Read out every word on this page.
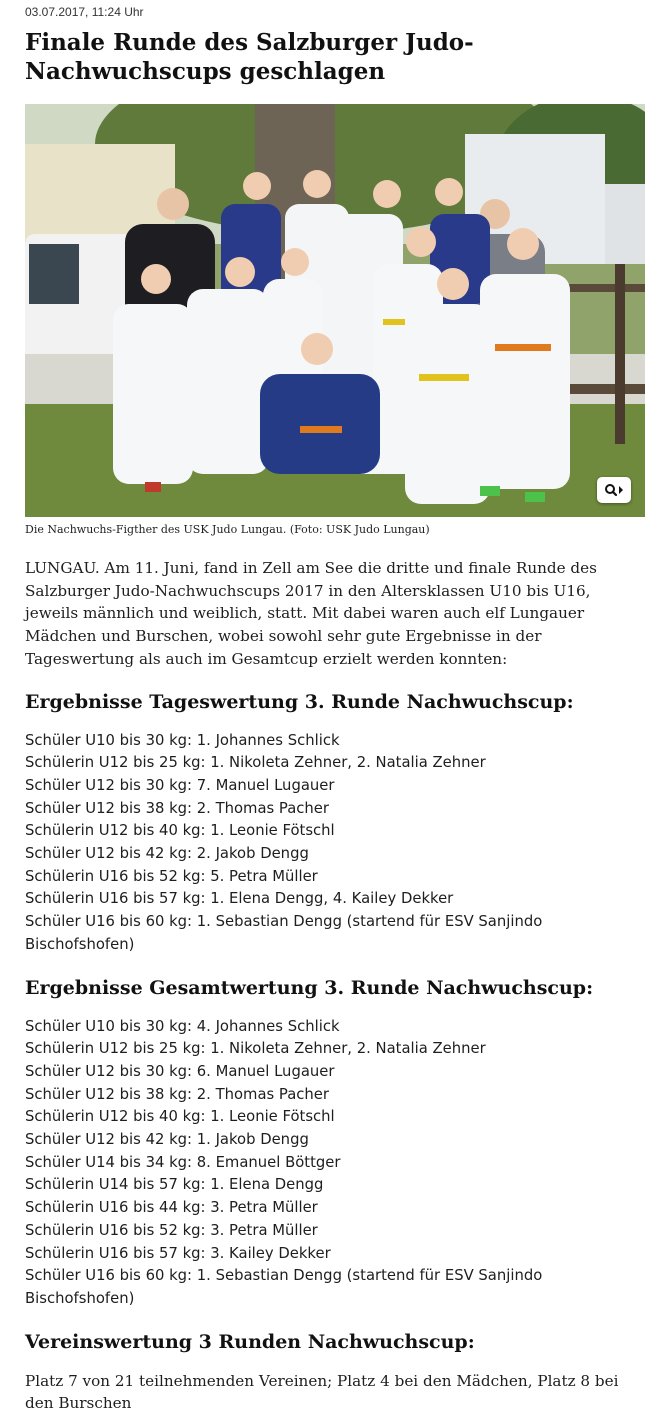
03.07.2017, 11:24 Uhr
Finale Runde des Salzburger Judo-Nachwuchscups geschlagen

Die Nachwuchs-Figther des USK Judo Lungau. (Foto: USK Judo Lungau)

LUNGAU. Am 11. Juni, fand in Zell am See die dritte und finale Runde des Salzburger Judo-Nachwuchscups 2017 in den Altersklassen U10 bis U16, jeweils männlich und weiblich, statt. Mit dabei waren auch elf Lungauer Mädchen und Burschen, wobei sowohl sehr gute Ergebnisse in der Tageswertung als auch im Gesamtcup erzielt werden konnten:

Ergebnisse Tageswertung 3. Runde Nachwuchscup:
Schüler U10 bis 30 kg: 1. Johannes Schlick
Schülerin U12 bis 25 kg: 1. Nikoleta Zehner, 2. Natalia Zehner
Schüler U12 bis 30 kg: 7. Manuel Lugauer
Schüler U12 bis 38 kg: 2. Thomas Pacher
Schülerin U12 bis 40 kg: 1. Leonie Fötschl
Schüler U12 bis 42 kg: 2. Jakob Dengg
Schülerin U16 bis 52 kg: 5. Petra Müller
Schülerin U16 bis 57 kg: 1. Elena Dengg, 4. Kailey Dekker
Schüler U16 bis 60 kg: 1. Sebastian Dengg (startend für ESV Sanjindo Bischofshofen)
Ergebnisse Gesamtwertung 3. Runde Nachwuchscup:
Schüler U10 bis 30 kg: 4. Johannes Schlick
Schülerin U12 bis 25 kg: 1. Nikoleta Zehner, 2. Natalia Zehner
Schüler U12 bis 30 kg: 6. Manuel Lugauer
Schüler U12 bis 38 kg: 2. Thomas Pacher
Schülerin U12 bis 40 kg: 1. Leonie Fötschl
Schüler U12 bis 42 kg: 1. Jakob Dengg
Schüler U14 bis 34 kg: 8. Emanuel Böttger
Schülerin U14 bis 57 kg: 1. Elena Dengg
Schülerin U16 bis 44 kg: 3. Petra Müller
Schülerin U16 bis 52 kg: 3. Petra Müller
Schülerin U16 bis 57 kg: 3. Kailey Dekker
Schüler U16 bis 60 kg: 1. Sebastian Dengg (startend für ESV Sanjindo Bischofshofen)
Vereinswertung 3 Runden Nachwuchscup:

Platz 7 von 21 teilnehmenden Vereinen; Platz 4 bei den Mädchen, Platz 8 bei den Burschen
